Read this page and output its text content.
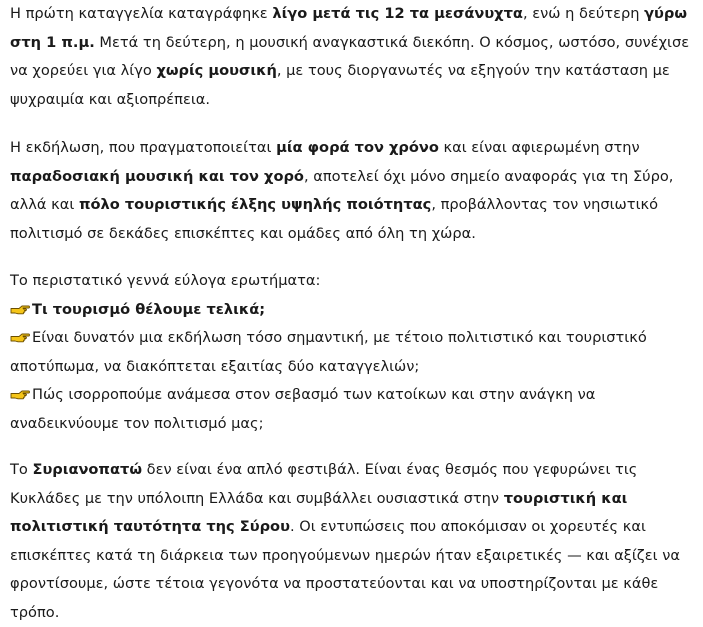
Η πρώτη καταγγελία καταγράφηκε λίγο μετά τις 12 τα μεσάνυχτα, ενώ η δεύτερη γύρω στη 1 π.μ. Μετά τη δεύτερη, η μουσική αναγκαστικά διεκόπη. Ο κόσμος, ωστόσο, συνέχισε να χορεύει για λίγο χωρίς μουσική, με τους διοργανωτές να εξηγούν την κατάσταση με ψυχραιμία και αξιοπρέπεια.

Η εκδήλωση, που πραγματοποιείται μία φορά τον χρόνο και είναι αφιερωμένη στην παραδοσιακή μουσική και τον χορό, αποτελεί όχι μόνο σημείο αναφοράς για τη Σύρο, αλλά και πόλο τουριστικής έλξης υψηλής ποιότητας, προβάλλοντας τον νησιωτικό πολιτισμό σε δεκάδες επισκέπτες και ομάδες από όλη τη χώρα.

Το περιστατικό γεννά εύλογα ερωτήματα:
Τι τουρισμό θέλουμε τελικά;
Είναι δυνατόν μια εκδήλωση τόσο σημαντική, με τέτοιο πολιτιστικό και τουριστικό αποτύπωμα, να διακόπτεται εξαιτίας δύο καταγγελιών;
Πώς ισορροπούμε ανάμεσα στον σεβασμό των κατοίκων και στην ανάγκη να αναδεικνύουμε τον πολιτισμό μας;

Το Συριανοπατώ δεν είναι ένα απλό φεστιβάλ. Είναι ένας θεσμός που γεφυρώνει τις Κυκλάδες με την υπόλοιπη Ελλάδα και συμβάλλει ουσιαστικά στην τουριστική και πολιτιστική ταυτότητα της Σύρου. Οι εντυπώσεις που αποκόμισαν οι χορευτές και επισκέπτες κατά τη διάρκεια των προηγούμενων ημερών ήταν εξαιρετικές — και αξίζει να φροντίσουμε, ώστε τέτοια γεγονότα να προστατεύονται και να υποστηρίζονται με κάθε τρόπο.
